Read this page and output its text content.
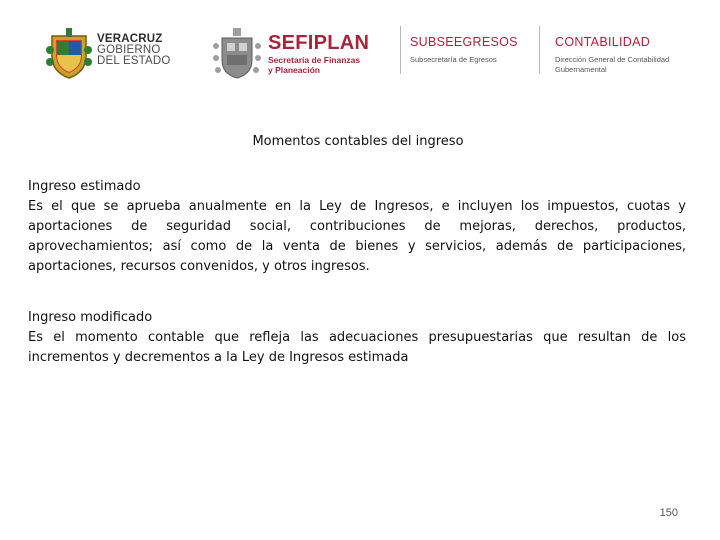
VERACRUZ
GOBIERNO
DEL ESTADO
SEFIPLAN
Secretaría de Finanzas
y Planeación
SUBSEEGRESOS
Subsecretaría de Egresos
CONTABILIDAD
Dirección General de Contabilidad
Gubernamental
Momentos contables del ingreso
Ingreso estimado
Es el que se aprueba anualmente en la Ley de Ingresos, e incluyen los impuestos, cuotas y aportaciones de seguridad social, contribuciones de mejoras, derechos, productos, aprovechamientos; así como de la venta de bienes y servicios, además de participaciones, aportaciones, recursos convenidos, y otros ingresos.
Ingreso modificado
Es el momento contable que refleja las adecuaciones presupuestarias que resultan de los incrementos y decrementos a la Ley de Ingresos estimada
150
